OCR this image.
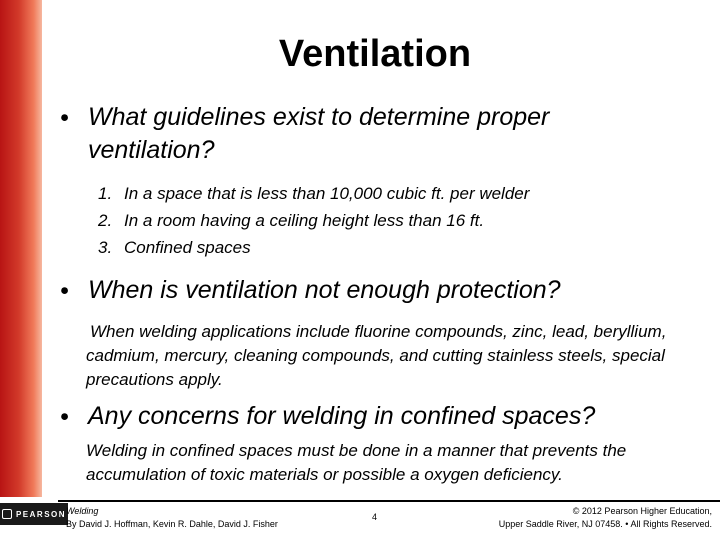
Ventilation
• What guidelines exist to determine proper ventilation?
1. In a space that is less than 10,000 cubic ft. per welder
2. In a room having a ceiling height less than 16 ft.
3. Confined spaces
• When is ventilation not enough protection?
When welding applications include fluorine compounds, zinc, lead, beryllium, cadmium, mercury, cleaning compounds, and cutting stainless steels, special precautions apply.
• Any concerns for welding in confined spaces?
Welding in confined spaces must be done in a manner that prevents the accumulation of toxic materials or possible a oxygen deficiency.
PEARSON Welding
By David J. Hoffman, Kevin R. Dahle, David J. Fisher
4
© 2012 Pearson Higher Education,
Upper Saddle River, NJ 07458. • All Rights Reserved.
